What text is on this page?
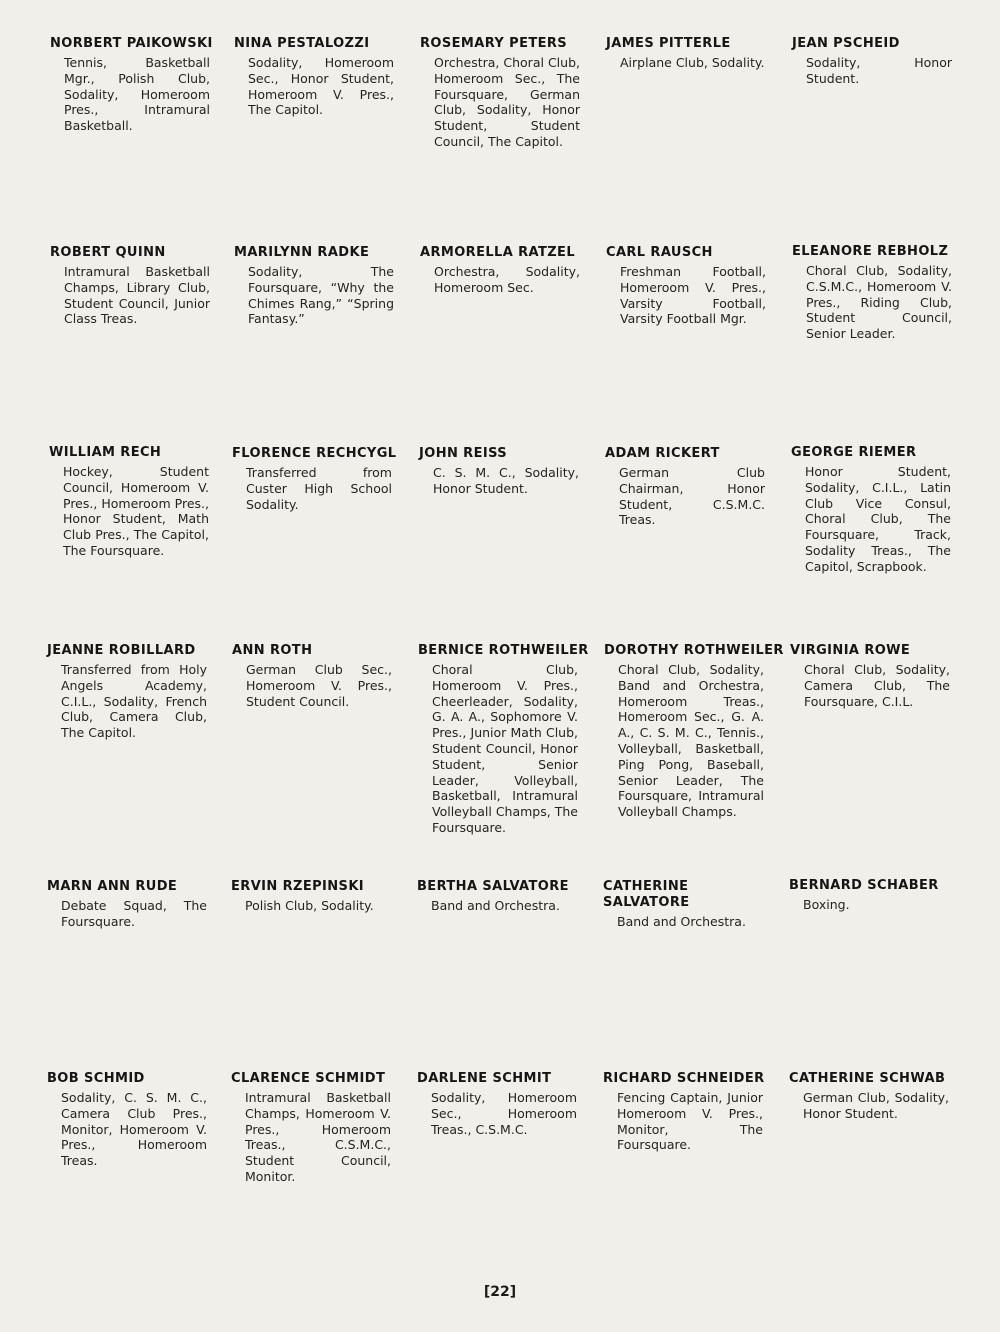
NORBERT PAIKOWSKI
Tennis, Basketball Mgr., Polish Club, Sodality, Homeroom Pres., Intramural Basketball.
NINA PESTALOZZI
Sodality, Homeroom Sec., Honor Student, Homeroom V. Pres., The Capitol.
ROSEMARY PETERS
Orchestra, Choral Club, Homeroom Sec., The Foursquare, German Club, Sodality, Honor Student, Student Council, The Capitol.
JAMES PITTERLE
Airplane Club, Sodality.
JEAN PSCHEID
Sodality, Honor Student.
ROBERT QUINN
Intramural Basketball Champs, Library Club, Student Council, Junior Class Treas.
MARILYNN RADKE
Sodality, The Foursquare, “Why the Chimes Rang,” “Spring Fantasy.”
ARMORELLA RATZEL
Orchestra, Sodality, Homeroom Sec.
CARL RAUSCH
Freshman Football, Homeroom V. Pres., Varsity Football, Varsity Football Mgr.
ELEANORE REBHOLZ
Choral Club, Sodality, C.S.M.C., Homeroom V. Pres., Riding Club, Student Council, Senior Leader.
WILLIAM RECH
Hockey, Student Council, Homeroom V. Pres., Homeroom Pres., Honor Student, Math Club Pres., The Capitol, The Foursquare.
FLORENCE RECHCYGL
Transferred from Custer High School Sodality.
JOHN REISS
C. S. M. C., Sodality, Honor Student.
ADAM RICKERT
German Club Chairman, Honor Student, C.S.M.C. Treas.
GEORGE RIEMER
Honor Student, Sodality, C.I.L., Latin Club Vice Consul, Choral Club, The Foursquare, Track, Sodality Treas., The Capitol, Scrapbook.
JEANNE ROBILLARD
Transferred from Holy Angels Academy, C.I.L., Sodality, French Club, Camera Club, The Capitol.
ANN ROTH
German Club Sec., Homeroom V. Pres., Student Council.
BERNICE ROTHWEILER
Choral Club, Homeroom V. Pres., Cheerleader, Sodality, G. A. A., Sophomore V. Pres., Junior Math Club, Student Council, Honor Student, Senior Leader, Volleyball, Basketball, Intramural Volleyball Champs, The Foursquare.
DOROTHY ROTHWEILER
Choral Club, Sodality, Band and Orchestra, Homeroom Treas., Homeroom Sec., G. A. A., C. S. M. C., Tennis., Volleyball, Basketball, Ping Pong, Baseball, Senior Leader, The Foursquare, Intramural Volleyball Champs.
VIRGINIA ROWE
Choral Club, Sodality, Camera Club, The Foursquare, C.I.L.
MARN ANN RUDE
Debate Squad, The Foursquare.
ERVIN RZEPINSKI
Polish Club, Sodality.
BERTHA SALVATORE
Band and Orchestra.
CATHERINE SALVATORE
Band and Orchestra.
BERNARD SCHABER
Boxing.
BOB SCHMID
Sodality, C. S. M. C., Camera Club Pres., Monitor, Homeroom V. Pres., Homeroom Treas.
CLARENCE SCHMIDT
Intramural Basketball Champs, Homeroom V. Pres., Homeroom Treas., C.S.M.C., Student Council, Monitor.
DARLENE SCHMIT
Sodality, Homeroom Sec., Homeroom Treas., C.S.M.C.
RICHARD SCHNEIDER
Fencing Captain, Junior Homeroom V. Pres., Monitor, The Foursquare.
CATHERINE SCHWAB
German Club, Sodality, Honor Student.
[22]
